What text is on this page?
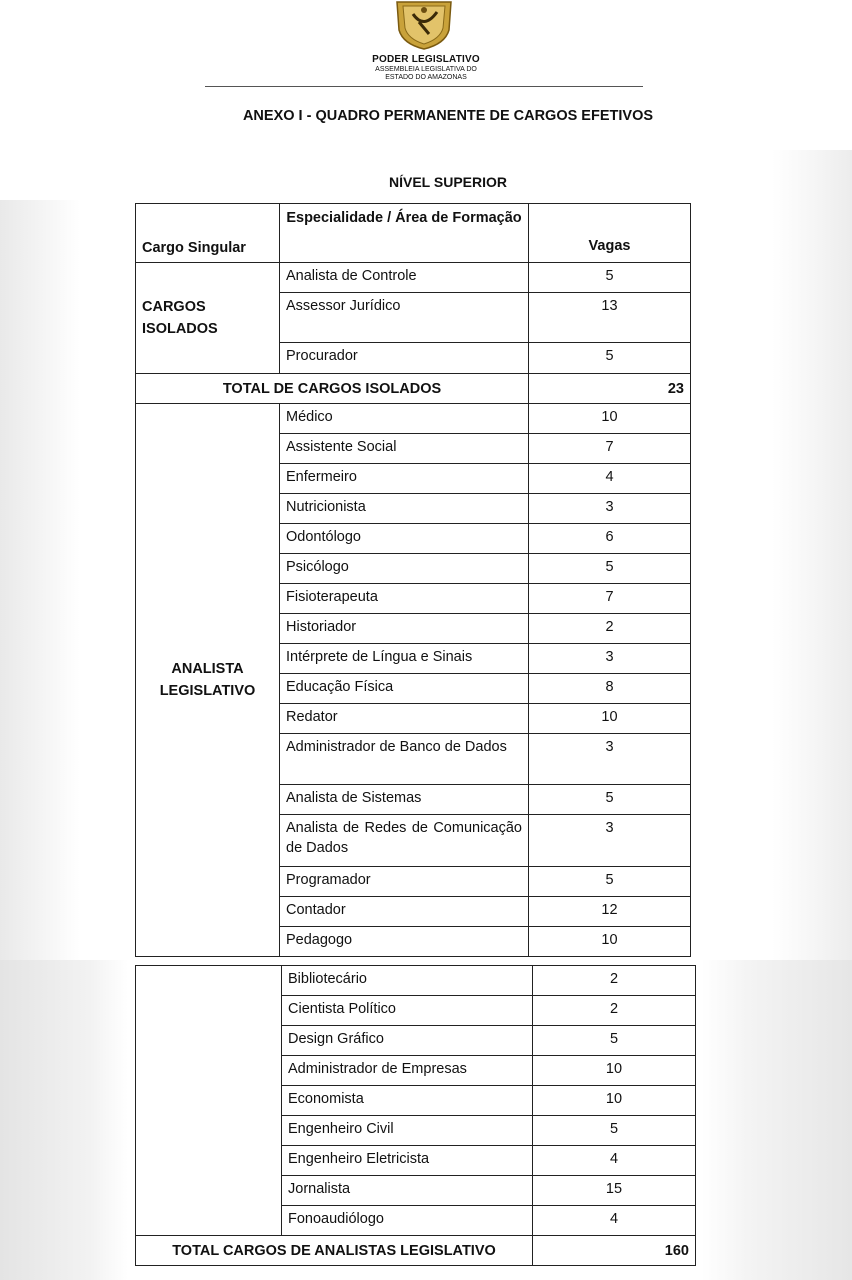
PODER LEGISLATIVO
ASSEMBLEIA LEGISLATIVA DO
ESTADO DO AMAZONAS
ANEXO I - QUADRO PERMANENTE DE CARGOS EFETIVOS
NÍVEL SUPERIOR
Cargo Singular	Especialidade / Área de Formação	Vagas
CARGOS ISOLADOS	Analista de Controle	5
	Assessor Jurídico	13
	Procurador	5
TOTAL DE CARGOS ISOLADOS		23
ANALISTA LEGISLATIVO	Médico	10
	Assistente Social	7
	Enfermeiro	4
	Nutricionista	3
	Odontólogo	6
	Psicólogo	5
	Fisioterapeuta	7
	Historiador	2
	Intérprete de Língua e Sinais	3
	Educação Física	8
	Redator	10
	Administrador de Banco de Dados	3
	Analista de Sistemas	5
	Analista de Redes de Comunicação de Dados	3
	Programador	5
	Contador	12
	Pedagogo	10
	Bibliotecário	2
	Cientista Político	2
	Design Gráfico	5
	Administrador de Empresas	10
	Economista	10
	Engenheiro Civil	5
	Engenheiro Eletricista	4
	Jornalista	15
	Fonoaudiólogo	4
TOTAL CARGOS DE ANALISTAS LEGISLATIVO		160
